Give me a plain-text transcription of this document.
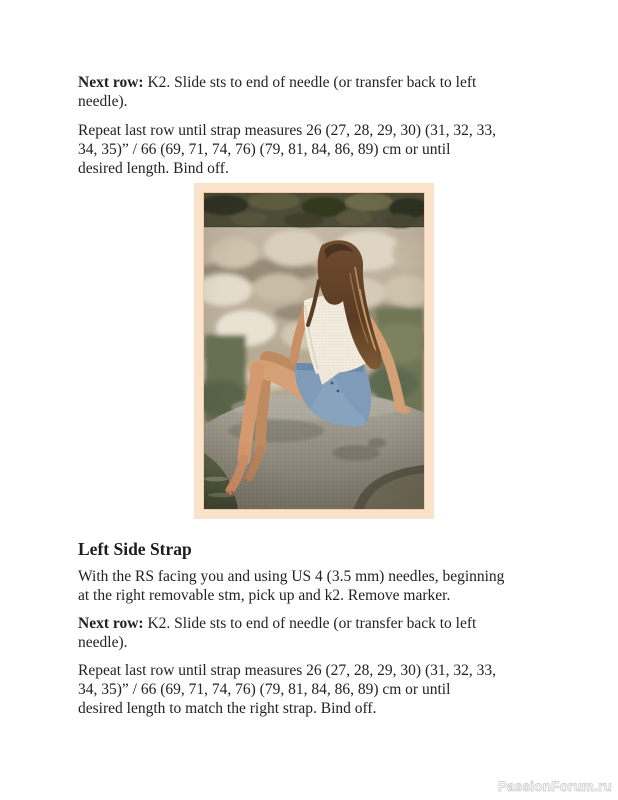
Next row: K2. Slide sts to end of needle (or transfer back to left
needle).
Repeat last row until strap measures 26 (27, 28, 29, 30) (31, 32, 33,
34, 35)” / 66 (69, 71, 74, 76) (79, 81, 84, 86, 89) cm or until
desired length. Bind off.
Left Side Strap
With the RS facing you and using US 4 (3.5 mm) needles, beginning
at the right removable stm, pick up and k2. Remove marker.
Next row: K2. Slide sts to end of needle (or transfer back to left
needle).
Repeat last row until strap measures 26 (27, 28, 29, 30) (31, 32, 33,
34, 35)” / 66 (69, 71, 74, 76) (79, 81, 84, 86, 89) cm or until
desired length to match the right strap. Bind off.
PassionForum.ru
